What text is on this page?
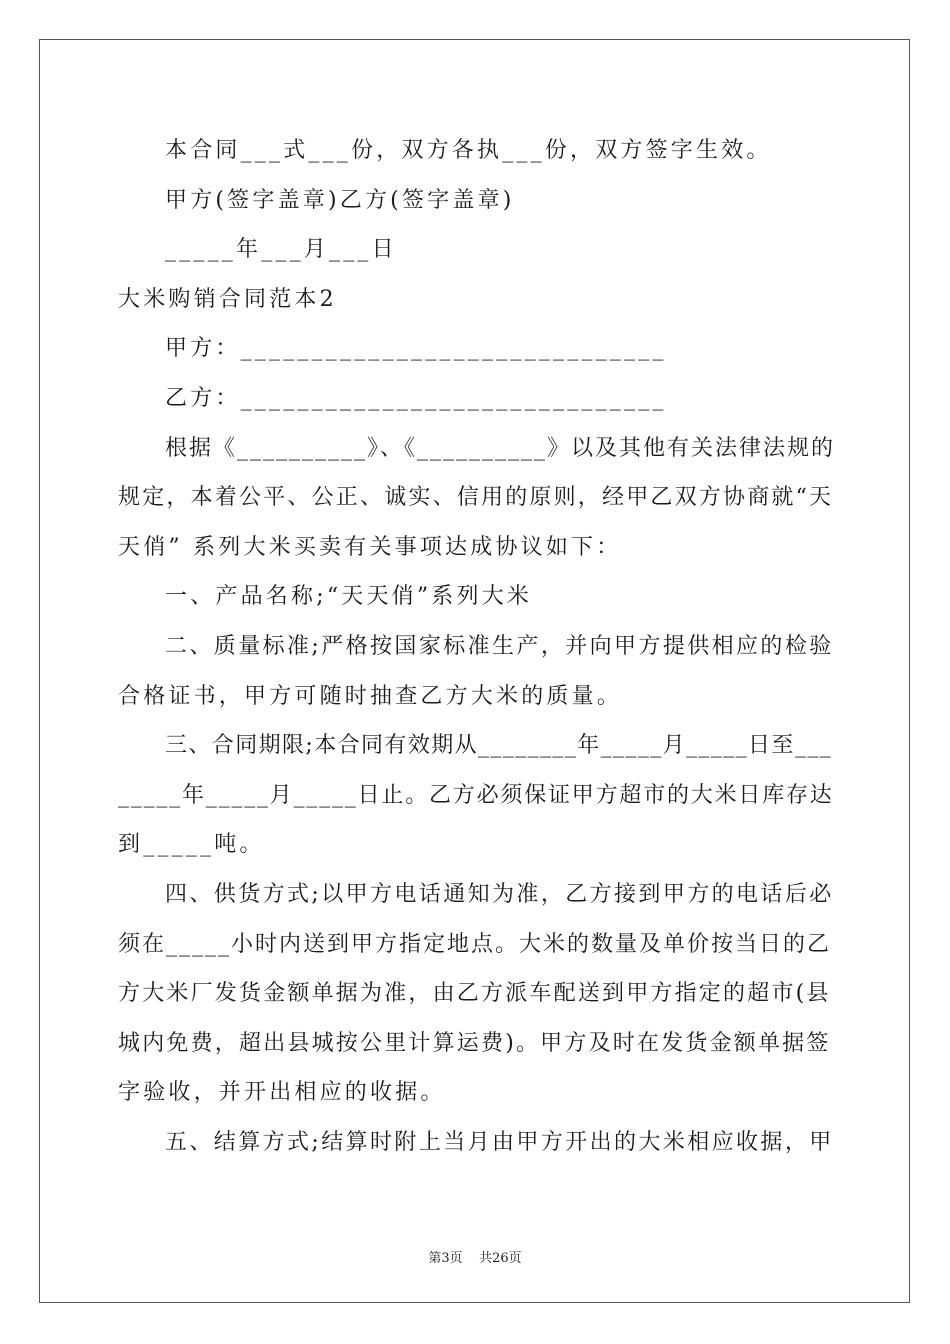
本合同___式___份，双方各执___份，双方签字生效。
甲方(签字盖章)乙方(签字盖章)
_____年___月___日
大米购销合同范本2
甲方：______________________________
乙方：______________________________
根据《__________》、《__________》以及其他有关法律法规的
规定，本着公平、公正、诚实、信用的原则，经甲乙双方协商就“天
天俏” 系列大米买卖有关事项达成协议如下：
一、产品名称;“天天俏”系列大米
二、质量标准;严格按国家标准生产，并向甲方提供相应的检验
合格证书，甲方可随时抽查乙方大米的质量。
三、合同期限;本合同有效期从________年_____月_____日至___
_____年_____月_____日止。乙方必须保证甲方超市的大米日库存达
到_____吨。
四、供货方式;以甲方电话通知为准，乙方接到甲方的电话后必
须在_____小时内送到甲方指定地点。大米的数量及单价按当日的乙
方大米厂发货金额单据为准，由乙方派车配送到甲方指定的超市(县
城内免费，超出县城按公里计算运费)。甲方及时在发货金额单据签
字验收，并开出相应的收据。
五、结算方式;结算时附上当月由甲方开出的大米相应收据，甲
第3页 共26页
